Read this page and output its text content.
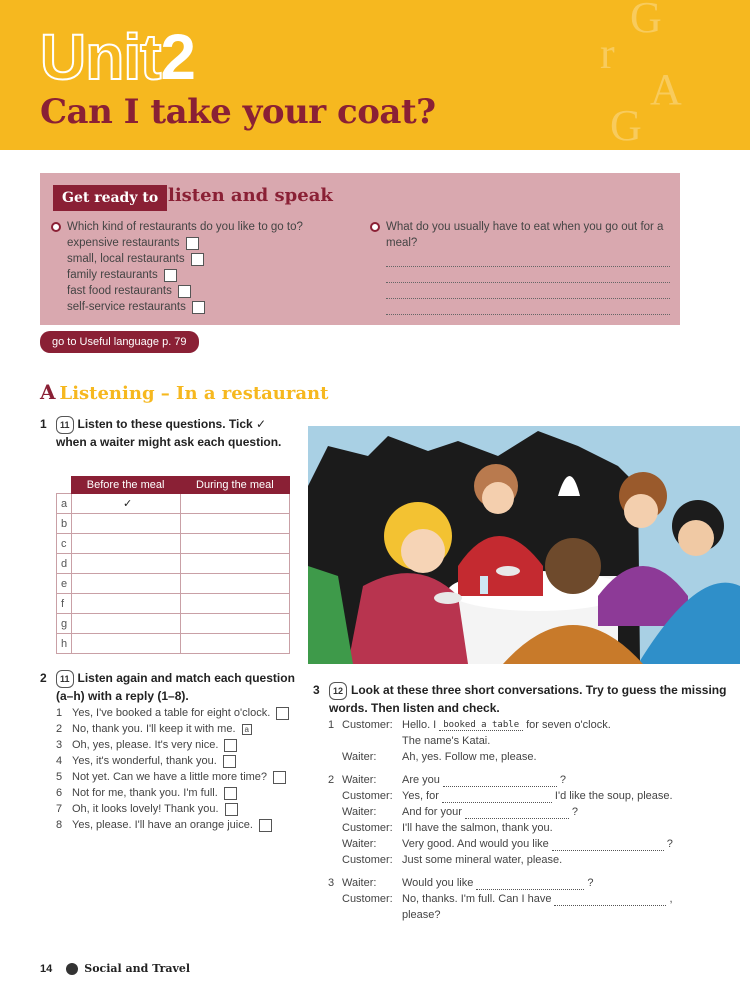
G
r
A
G
Unit2
Can I take your coat?
Get ready to listen and speak
Which kind of restaurants do you like to go to?
expensive restaurants
small, local restaurants
family restaurants
fast food restaurants
self-service restaurants
What do you usually have to eat when you go out for a meal?
go to Useful language p. 79
A Listening – In a restaurant
1	11 Listen to these questions. Tick ✓ when a waiter might ask each question.
	Before the meal	During the meal
a	✓	
b		
c		
d		
e		
f		
g		
h		
2	11 Listen again and match each question (a–h) with a reply (1–8).
1 Yes, I've booked a table for eight o'clock.
2 No, thank you. I'll keep it with me.	a
3 Oh, yes, please. It's very nice.
4 Yes, it's wonderful, thank you.
5 Not yet. Can we have a little more time?
6 Not for me, thank you. I'm full.
7 Oh, it looks lovely! Thank you.
8 Yes, please. I'll have an orange juice.
3	12 Look at these three short conversations. Try to guess the missing words. Then listen and check.
1 Customer: Hello. I booked a table for seven o'clock.
The name's Katai.
Waiter:	Ah, yes. Follow me, please.
2 Waiter:	Are you	?
Customer: Yes, for	I'd like the soup, please.
Waiter:	And for your	?
Customer: I'll have the salmon, thank you.
Waiter:	Very good. And would you like	?
Customer: Just some mineral water, please.
3 Waiter:	Would you like	?
Customer: No, thanks. I'm full. Can I have	,
please?
14	Social and Travel
